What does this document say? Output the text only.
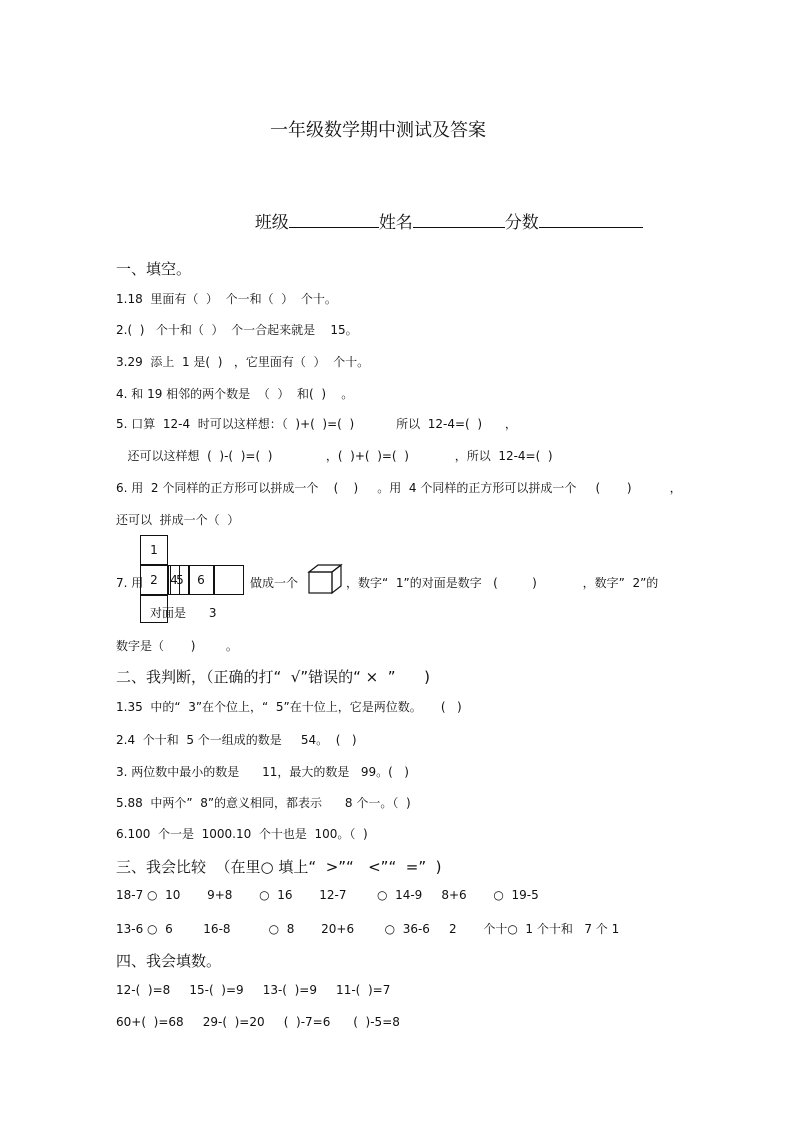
一年级数学期中测试及答案

班级	姓名	分数

一、填空。
1.18  里面有（  ）  个一和（  ）  个十。
2.(  )   个十和（  ）  个一合起来就是    15。
3.29  添上  1 是(  )   ，它里面有（  ）  个十。
4. 和 19 相邻的两个数是  （  ）  和(  )    。
5. 口算  12-4  时可以这样想：（  )+(  )=(  )           所以  12-4=(  )      ，
还可以这样想  (  )-(  )=(  )              ，(  )+(  )=(  )            ，所以  12-4=(  )
6. 用  2 个同样的正方形可以拼成一个    (    )     。用  4 个同样的正方形可以拼成一个     (       )          ，
还可以  拼成一个（  ）
7. 用
1
2	4
5	6	做成一个	，数字“  1”的对面是数字   (         )            ，数字”  2”的
对面是      3
数字是（       )        。
二、我判断，（正确的打“  √”错误的“ ×  ”      )
1.35  中的“  3”在个位上，“  5”在十位上，它是两位数。     (   )
2.4  个十和  5 个一组成的数是     54。  (   )
3. 两位数中最小的数是      11，最大的数是   99。(   )
5.88  中两个”  8”的意义相同，都表示      8 个一。（  )
6.100  个一是  1000.10  个十也是  100。（  )
三、我会比较  （在里○ 填上“  >”“   <”“  =”  )
18-7 ○  10       9+8       ○  16       12-7        ○  14-9     8+6       ○  19-5
13-6 ○  6        16-8          ○  8       20+6        ○  36-6     2       个十○  1 个十和   7 个 1
四、我会填数。
12-(  )=8     15-(  )=9     13-(  )=9     11-(  )=7
60+(  )=68     29-(  )=20     (  )-7=6      (  )-5=8
